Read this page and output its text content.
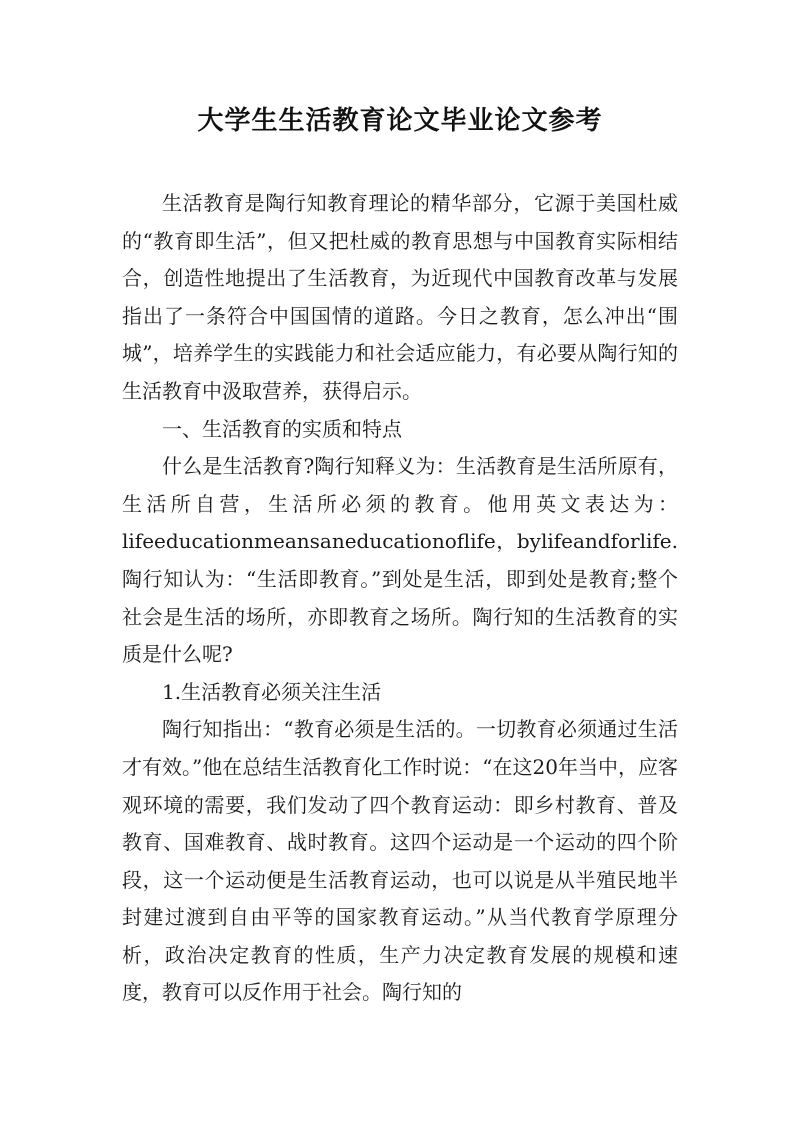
大学生生活教育论文毕业论文参考

生活教育是陶行知教育理论的精华部分，它源于美国杜威的“教育即生活”，但又把杜威的教育思想与中国教育实际相结合，创造性地提出了生活教育，为近现代中国教育改革与发展指出了一条符合中国国情的道路。今日之教育，怎么冲出“围城”，培养学生的实践能力和社会适应能力，有必要从陶行知的生活教育中汲取营养，获得启示。

一、生活教育的实质和特点

什么是生活教育?陶行知释义为：生活教育是生活所原有，生活所自营，生活所必须的教育。他用英文表达为：lifeeducationmeansaneducationoflife，bylifeandforlife.陶行知认为：“生活即教育。”到处是生活，即到处是教育;整个社会是生活的场所，亦即教育之场所。陶行知的生活教育的实质是什么呢?

1.生活教育必须关注生活

陶行知指出：“教育必须是生活的。一切教育必须通过生活才有效。”他在总结生活教育化工作时说：“在这20年当中，应客观环境的需要，我们发动了四个教育运动：即乡村教育、普及教育、国难教育、战时教育。这四个运动是一个运动的四个阶段，这一个运动便是生活教育运动，也可以说是从半殖民地半封建过渡到自由平等的国家教育运动。”从当代教育学原理分析，政治决定教育的性质，生产力决定教育发展的规模和速度，教育可以反作用于社会。陶行知的
